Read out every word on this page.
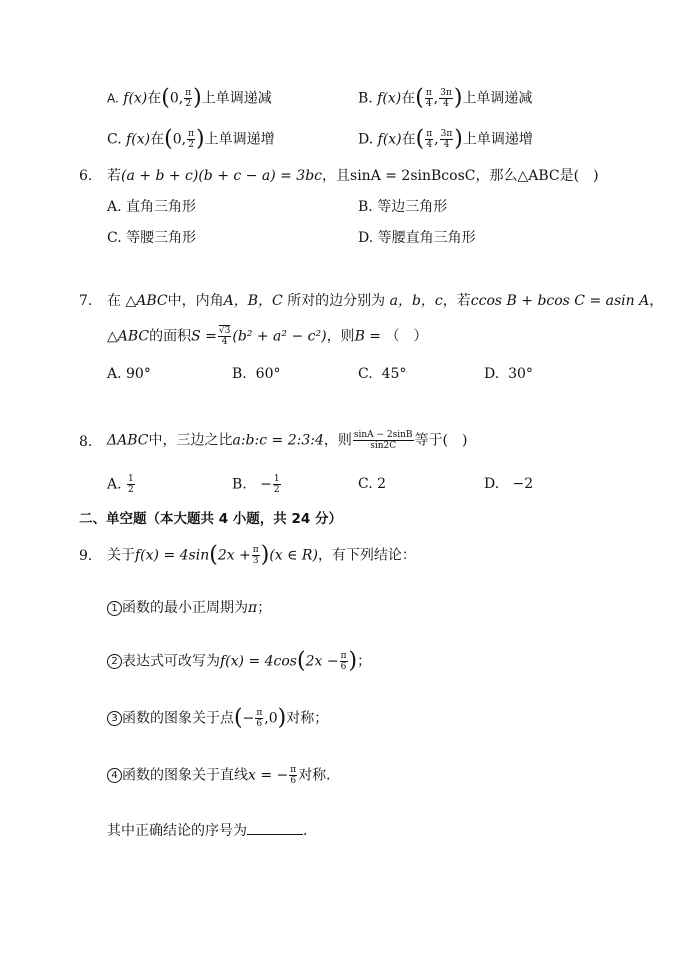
A. f(x)在(0, $\frac{\pi}{2}$ )上单调递减	B. f(x)在( $\frac{\pi}{4}$ , $\frac{3\pi}{4}$ )上单调递减
C. f(x)在(0, $\frac{\pi}{2}$ )上单调递增	D. f(x)在( $\frac{\pi}{4}$ , $\frac{3\pi}{4}$ )上单调递增
6. 若(a + b + c)(b + c − a) = 3bc，且sinA = 2sinBcosC，那么△ABC是(　)
A. 直角三角形	B. 等边三角形
C. 等腰三角形	D. 等腰直角三角形
7. 在 △ABC中，内角A，B，C 所对的边分别为 a，b，c，若ccos B + bcos C = asin A，
△ABC的面积$S = \frac{√3}{4} (b^2 + a^2 - c^2)$，则B = （　）
A. 90°	B. 60°	C. 45°	D. 30°
8. ΔABC中，三边之比a:b:c = 2:3:4，则 $\frac{\sin A - 2\sin B}{\sin 2C}$ 等于(　)
A. $\frac{1}{2}$	B. − $\frac{1}{2}$	C. 2	D. −2
二、单空题（本大题共 4 小题，共 24 分）
9. 关于$f(x) = 4\sin(2x + \frac{\pi}{3} )(x$ ∈ R)，有下列结论：
1 函数的最小正周期为π；
2 表达式可改写为$f(x) = 4\cos(2x - \frac{\pi}{6}$ )；
3 函数的图象关于点(− $\frac{\pi}{6} ,0$)对称；
4 函数的图象关于直线x = − $\frac{\pi}{6}$ 对称．
其中正确结论的序号为	．
